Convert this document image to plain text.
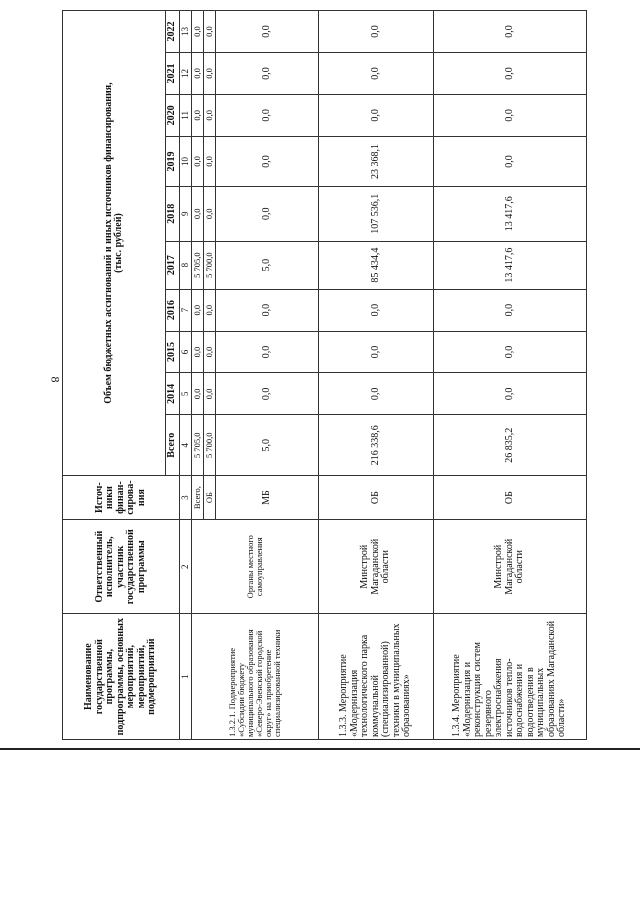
8
Наименование государственной программы, подпрограммы, основных мероприятий, мероприятий, подмероприятий	Ответственный исполнитель, участник государственной программы	Источ-ники финан-сирова-ния	Объем бюджетных ассигнований и иных источников финансирования, (тыс. рублей)									

			Всего	2014	2015	2016	2017	2018	2019	2020	2021	2022
1	2	3	4	5	6	7	8	9	10	11	12	13
1.3.2.1. Подмероприятие «Субсидии бюджету муниципального образования «Северо-Эвенский городской округ» на приобретение специализированной техники	Органы местного самоуправления	Всего,	5 705,0	0,0	0,0	0,0	5 705,0	0,0	0,0	0,0	0,0	0,0
		ОБ	5 700,0	0,0	0,0	0,0	5 700,0	0,0	0,0	0,0	0,0	0,0
		МБ	5,0	0,0	0,0	0,0	5,0	0,0	0,0	0,0	0,0	0,0
1.3.3. Мероприятие «Модернизация технологического парка коммунальной (специализированной) техники в муниципальных образованиях»	Минстрой Магаданской области	ОБ	216 338,6	0,0	0,0	0,0	85 434,4	107 536,1	23 368,1	0,0	0,0	0,0
1.3.4. Мероприятие «Модернизация и реконструкция систем резервного электроснабжения источников тепло-водоснабжения и водоотведения в муниципальных образованиях Магаданской области»	Минстрой Магаданской области	ОБ	26 835,2	0,0	0,0	0,0	13 417,6	13 417,6	0,0	0,0	0,0	0,0
